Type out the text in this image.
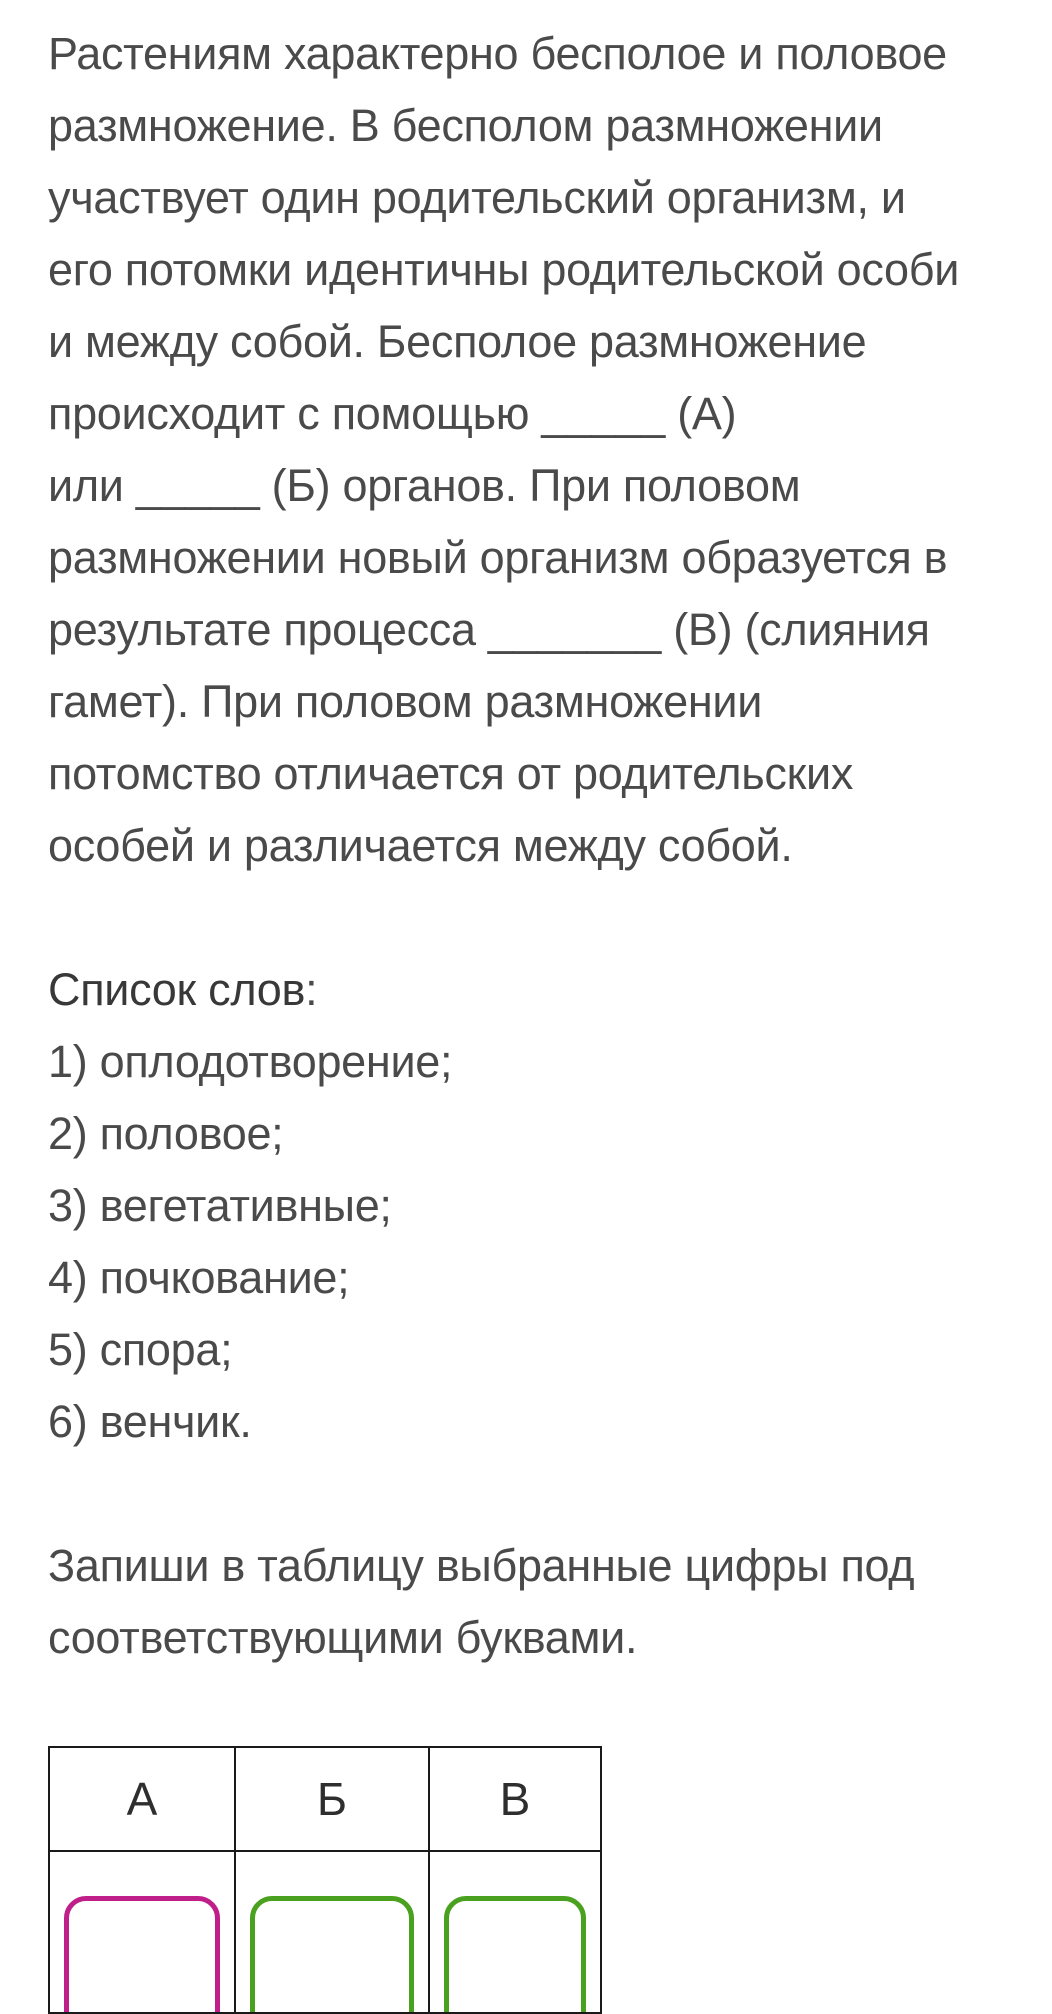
Растениям характерно бесполое и половое
размножение. В бесполом размножении
участвует один родительский организм, и
его потомки идентичны родительской особи
и между собой. Бесполое размножение
происходит с помощью _____ (А)
или _____ (Б) органов. При половом
размножении новый организм образуется в
результате процесса _______ (В) (слияния
гамет). При половом размножении
потомство отличается от родительских
особей и различается между собой.
Список слов:
1) оплодотворение;
2) половое;
3) вегетативные;
4) почкование;
5) спора;
6) венчик.
Запиши в таблицу выбранные цифры под
соответствующими буквами.
А	Б	В
